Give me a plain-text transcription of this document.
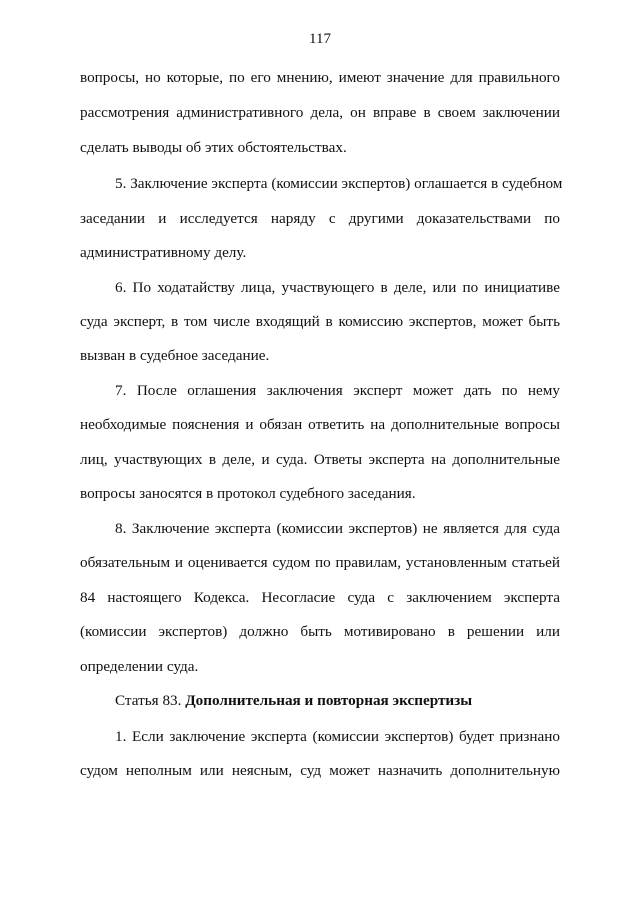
117
вопросы, но которые, по его мнению, имеют значение для правильного
рассмотрения административного дела, он вправе в своем заключении
сделать выводы об этих обстоятельствах.
5. Заключение эксперта (комиссии экспертов) оглашается в судебном
заседании и исследуется наряду с другими доказательствами по
административному делу.
6. По ходатайству лица, участвующего в деле, или по инициативе
суда эксперт, в том числе входящий в комиссию экспертов, может быть
вызван в судебное заседание.
7. После оглашения заключения эксперт может дать по нему
необходимые пояснения и обязан ответить на дополнительные вопросы
лиц, участвующих в деле, и суда. Ответы эксперта на дополнительные
вопросы заносятся в протокол судебного заседания.
8. Заключение эксперта (комиссии экспертов) не является для суда
обязательным и оценивается судом по правилам, установленным статьей
84 настоящего Кодекса. Несогласие суда с заключением эксперта
(комиссии экспертов) должно быть мотивировано в решении или
определении суда.
Статья 83. Дополнительная и повторная экспертизы
1. Если заключение эксперта (комиссии экспертов) будет признано
судом неполным или неясным, суд может назначить дополнительную
